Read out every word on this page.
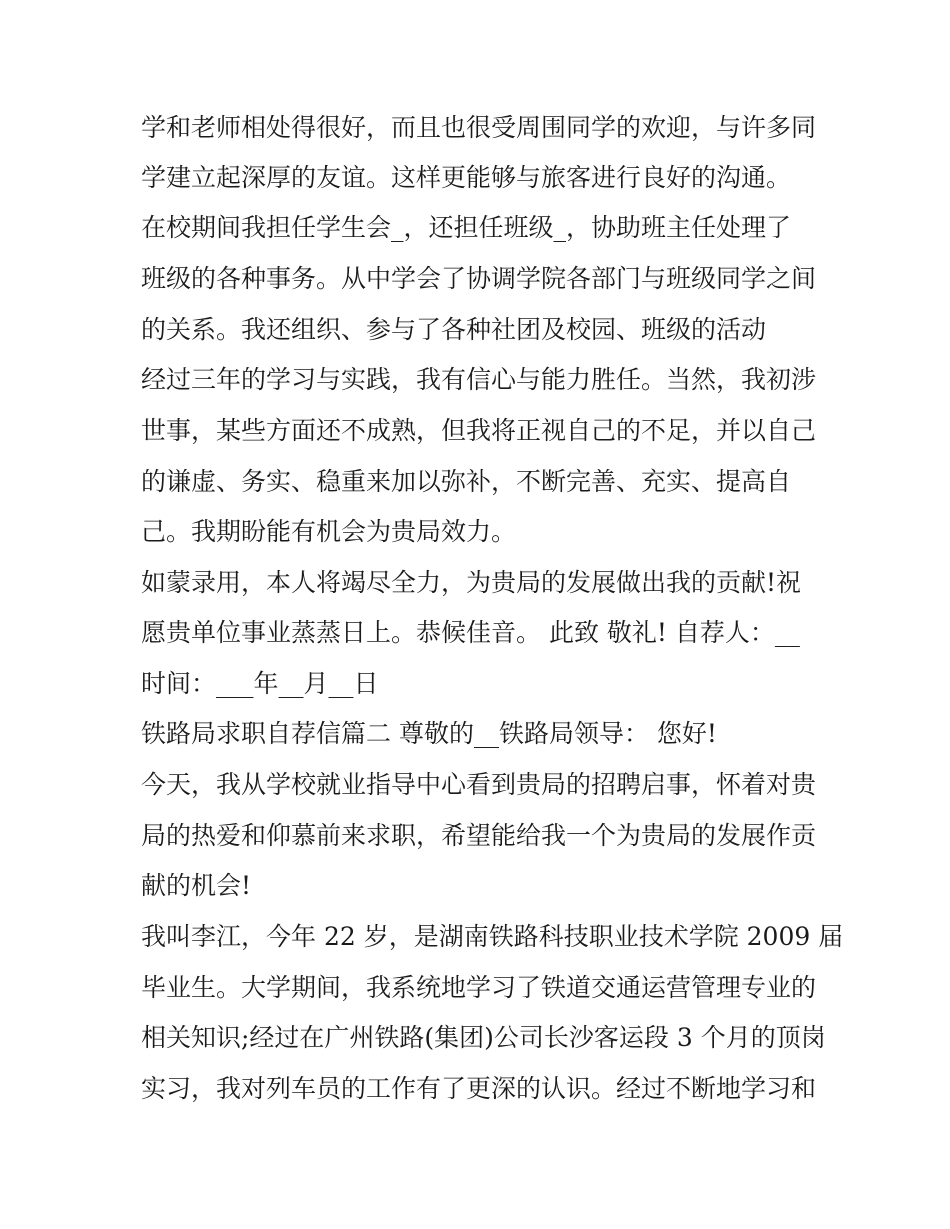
学和老师相处得很好，而且也很受周围同学的欢迎，与许多同
学建立起深厚的友谊。这样更能够与旅客进行良好的沟通。
在校期间我担任学生会_，还担任班级_，协助班主任处理了
班级的各种事务。从中学会了协调学院各部门与班级同学之间
的关系。我还组织、参与了各种社团及校园、班级的活动
经过三年的学习与实践，我有信心与能力胜任。当然，我初涉
世事，某些方面还不成熟，但我将正视自己的不足，并以自己
的谦虚、务实、稳重来加以弥补，不断完善、充实、提高自
己。我期盼能有机会为贵局效力。
如蒙录用，本人将竭尽全力，为贵局的发展做出我的贡献!祝
愿贵单位事业蒸蒸日上。恭候佳音。 此致 敬礼! 自荐人：__
时间：___年__月__日
铁路局求职自荐信篇二 尊敬的__铁路局领导： 您好!
今天，我从学校就业指导中心看到贵局的招聘启事，怀着对贵
局的热爱和仰慕前来求职，希望能给我一个为贵局的发展作贡
献的机会!
我叫李江，今年 22 岁，是湖南铁路科技职业技术学院 2009 届
毕业生。大学期间，我系统地学习了铁道交通运营管理专业的
相关知识;经过在广州铁路(集团)公司长沙客运段 3 个月的顶岗
实习，我对列车员的工作有了更深的认识。经过不断地学习和
